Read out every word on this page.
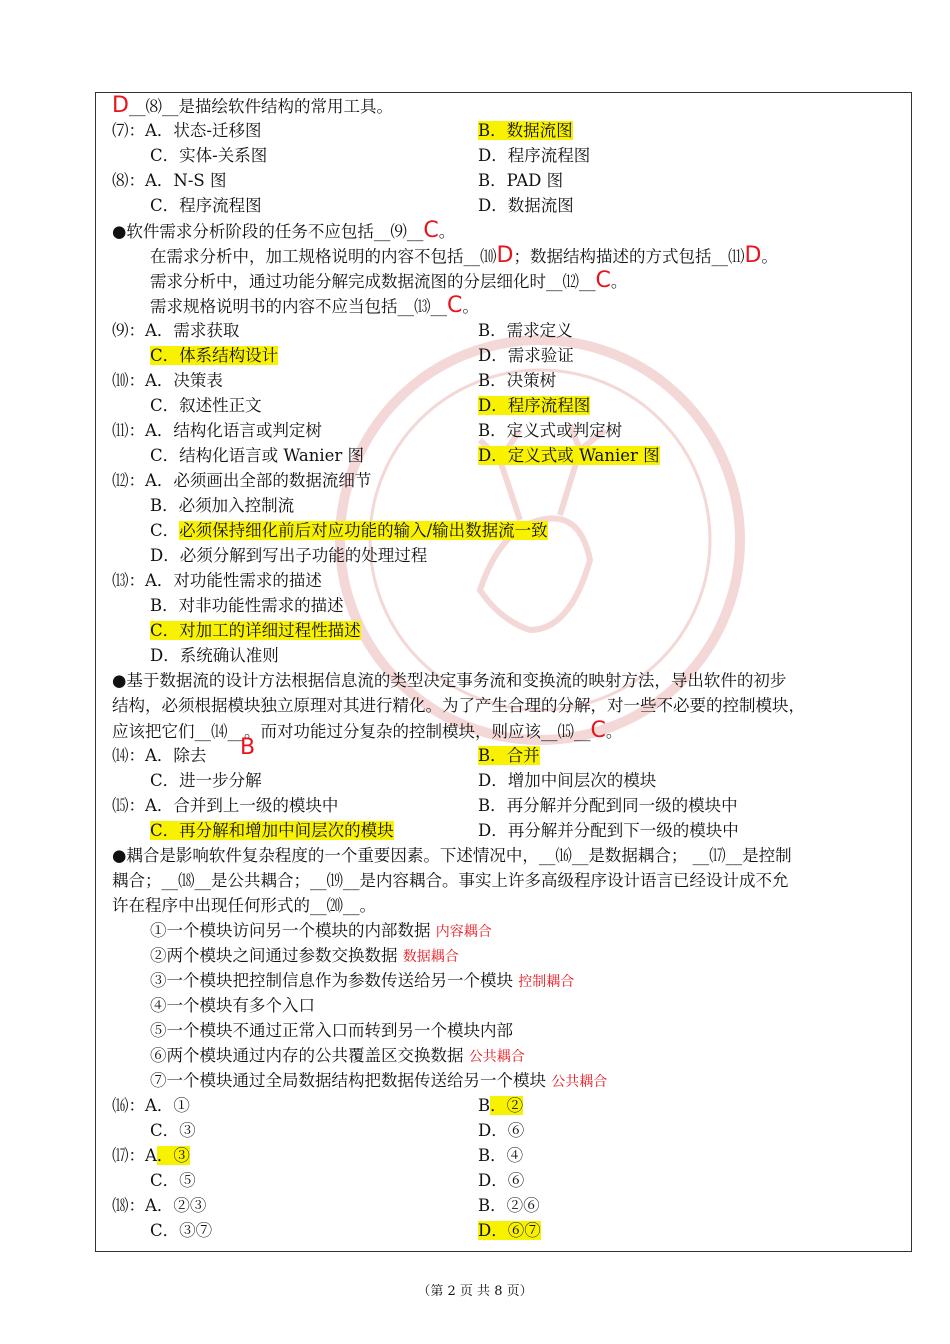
D__⑻__是描绘软件结构的常用工具。
⑺：A．状态-迁移图	B．数据流图
C．实体-关系图	D．程序流程图
⑻：A．N-S 图	B．PAD 图
C．程序流程图	D．数据流图
●软件需求分析阶段的任务不应包括__⑼__C。
在需求分析中，加工规格说明的内容不包括__⑽D；数据结构描述的方式包括__⑾D。
需求分析中，通过功能分解完成数据流图的分层细化时__⑿__C。
需求规格说明书的内容不应当包括__⒀__C。
⑼：A．需求获取	B．需求定义
C．体系结构设计	D．需求验证
⑽：A．决策表	B．决策树
C．叙述性正文	D．程序流程图
⑾：A．结构化语言或判定树	B．定义式或判定树
C．结构化语言或 Wanier 图	D．定义式或 Wanier 图
⑿：A．必须画出全部的数据流细节
B．必须加入控制流
C．必须保持细化前后对应功能的输入/输出数据流一致
D．必须分解到写出子功能的处理过程
⒀：A．对功能性需求的描述
B．对非功能性需求的描述
C．对加工的详细过程性描述
D．系统确认准则
●基于数据流的设计方法根据信息流的类型决定事务流和变换流的映射方法，导出软件的初步
结构，必须根据模块独立原理对其进行精化。为了产生合理的分解，对一些不必要的控制模块，
应该把它们__⒁__。而对功能过分复杂的控制模块，则应该__⒂__C。
⒁：A．除去 B	B．合并
C．进一步分解	D．增加中间层次的模块
⒂：A．合并到上一级的模块中	B．再分解并分配到同一级的模块中
C．再分解和增加中间层次的模块	D．再分解并分配到下一级的模块中
●耦合是影响软件复杂程度的一个重要因素。下述情况中，__⒃__是数据耦合； __⒄__是控制
耦合；__⒅__是公共耦合；__⒆__是内容耦合。事实上许多高级程序设计语言已经设计成不允
许在程序中出现任何形式的__⒇__。
①一个模块访问另一个模块的内部数据 内容耦合
②两个模块之间通过参数交换数据 数据耦合
③一个模块把控制信息作为参数传送给另一个模块 控制耦合
④一个模块有多个入口
⑤一个模块不通过正常入口而转到另一个模块内部
⑥两个模块通过内存的公共覆盖区交换数据 公共耦合
⑦一个模块通过全局数据结构把数据传送给另一个模块 公共耦合
⒃：A．①	B．②
C．③	D．⑥
⒄：A．③	B．④
C．⑤	D．⑥
⒅：A．②③	B．②⑥
C．③⑦	D．⑥⑦
（第 2 页 共 8 页）
